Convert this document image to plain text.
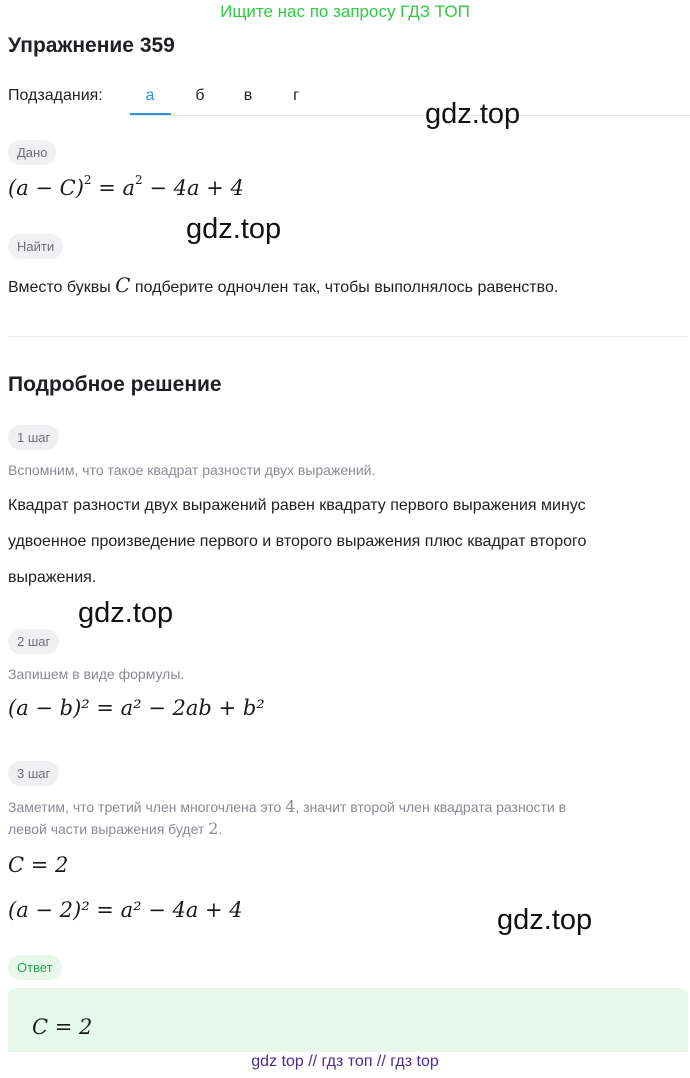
Ищите нас по запросу ГДЗ ТОП
Упражнение 359
Подзадания:	а	б	в	г
gdz.top
Дано
$(a - C)^2 = a^2 - 4a + 4$
gdz.top
Найти
Вместо буквы C подберите одночлен так, чтобы выполнялось равенство.
Подробное решение
1 шаг
Вспомним, что такое квадрат разности двух выражений.
Квадрат разности двух выражений равен квадрату первого выражения минус
удвоенное произведение первого и второго выражения плюс квадрат второго
выражения.
gdz.top
2 шаг
Запишем в виде формулы.
(a − b)² = a² − 2ab + b²
3 шаг
Заметим, что третий член многочлена это 4, значит второй член квадрата разности в
левой части выражения будет 2.
C = 2
(a − 2)² = a² − 4a + 4	gdz.top
Ответ
C = 2
gdz top // гдз топ // гдз top
